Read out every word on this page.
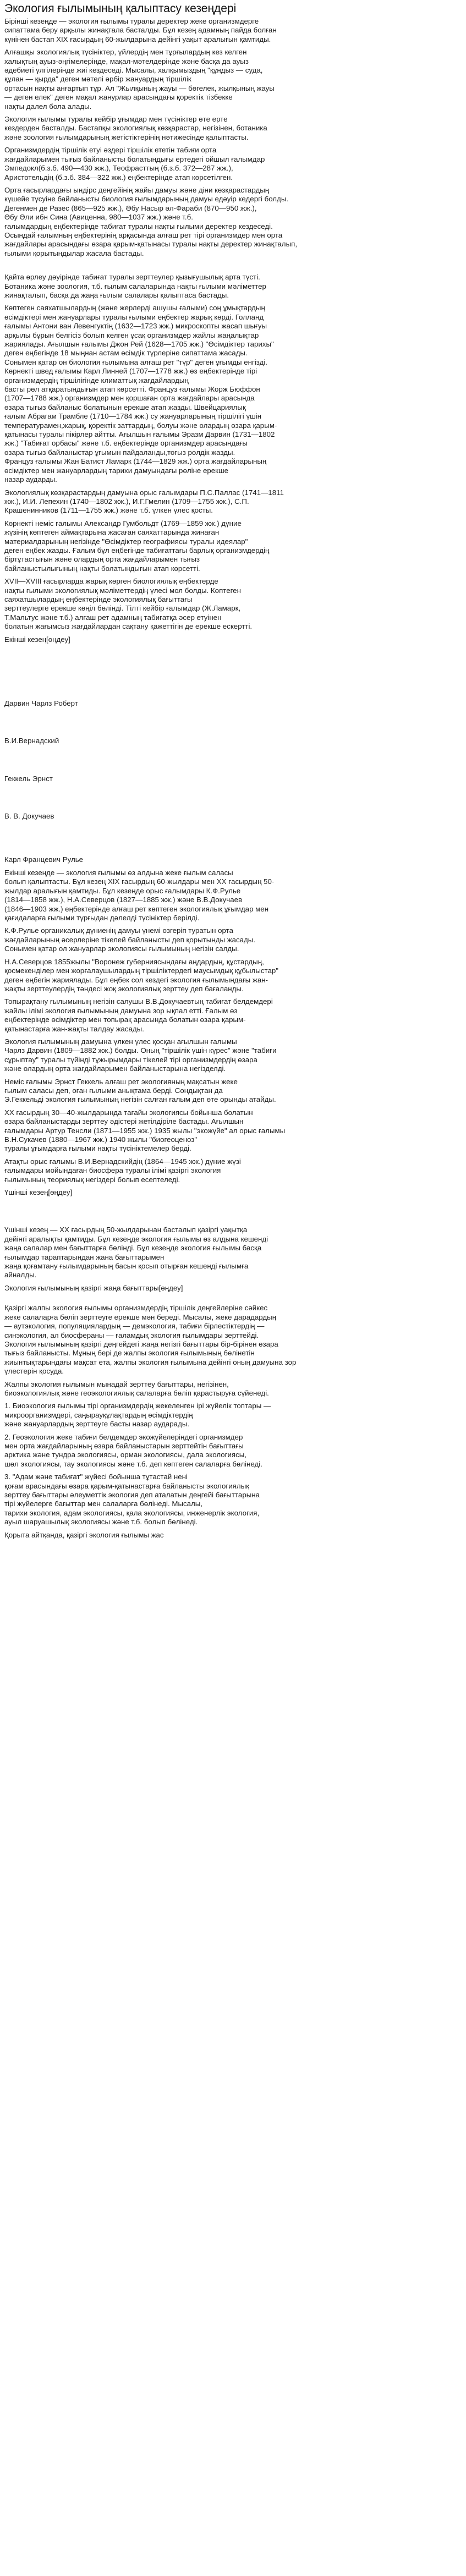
Экология ғылымының қалыптасу кезеңдері

Бірінші кезеңде — экология ғылымы туралы деректер жеке организмдерге
сипаттама беру арқылы жинақтала басталды. Бұл кезең адамның пайда болған
күнінен бастап XIX ғасырдың 60-жылдарына дейінгі уақыт аралығын қамтиды.

Алғашқы экологиялық түсініктер, үйлердің мен тұрғылардың кез келген
халықтың ауыз-әңгімелерінде, мақал-мәтелдерінде және басқа да ауыз
әдебиеті үлгілерінде жиі кездеседі. Мысалы, халқымыздың "құндыз — суда,
құлан — қырда" деген мәтелі әрбір жануардың тіршілік
ортасын нақты анғартып тұр. Ал "Жылқының жауы — бөгелек, жылқының жауы
— деген елек" деген мақал жанурлар арасындағы қоректік тізбекке
нақты далел бола алады.

Экология ғылымы туралы кейбір ұғымдар мен түсініктер өте ерте
кездерден басталды. Бастапқы экологиялық көзқарастар, негізінен, ботаника
және зоология ғылымдарының жетістіктерінің нәтижесінде қалыптасты.

Организмдердің тіршілік етуі әздері тіршілік ететін табиғи орта
жағдайларымен тығыз байланысты болатындығы ертедегі ойшыл ғалымдар
Эмпедокл(б.з.б. 490—430 жж.), Теофрасттың (б.з.б. 372—287 жж.),
Аристотельдің (б.з.б. 384—322 жж.) еңбектерінде атап көрсетілген.

Орта ғасырлардағы ындірс деңгейінің жайы дамуы және діни көзқарастардың
күшейе түсуіне байланысты биология ғылымдарының дамуы едәуір кедергі болды.
Дегенмен де Разес (865—925 жж.), Әбу Насыр әл-Фараби (870—950 жж.),
Әбу Әли ибн Сина (Авиценна, 980—1037 жж.) және т.б.
ғалымдардың еңбектерінде табиғат туралы нақты ғылыми деректер кездеседі.
Осындай ғалымның еңбектерінің арқасында алғаш рет тірі организмдер мен орта
жағдайлары арасындағы өзара қарым-қатынасы туралы нақты деректер жинақталып,
ғылыми қорытындылар жасала бастады.

Қайта өрлеу дәуірінде табиғат туралы зерттеулер қызығушылық арта түсті.
Ботаника және зоология, т.б. ғылым салаларында нақты ғылыми мәліметтер
жинақталып, басқа да жаңа ғылым салалары қалыптаса бастады.

Көптеген саяхатшылардың (және жерлерді ашушы ғалыми) соң ұмықтардың
өсімдіктері мен жануарлары туралы ғылыми еңбектер жарық көрді. Голланд
ғалымы Антони ван Левенгуктің (1632—1723 жж.) микроскопты жасап шығуы
арқылы бұрын белгісіз болып келген ұсақ организмдер жайлы жаңалықтар
жариялады. Ағылшын ғалымы Джон Рей (1628—1705 жж.) "Өсімдіктер тарихы"
деген еңбегінде 18 мыңнан астам өсімдік түрлеріне сипаттама жасады.
Сонымен қатар он биология ғылымына алғаш рет "түр" деген ұғымды енгізді.
Көрнекті швед ғалымы Карл Линней (1707—1778 жж.) өз еңбектерінде тірі
организмдердің тіршілігінде климаттық жағдайлардың
басты рөл атқаратындығын атап көрсетті. Француз ғалымы Жорж Бюффон
(1707—1788 жж.) организмдер мен қоршаған орта жағдайлары арасында
өзара тығыз байланыс болатынын ерекше атап жазды. Швейцариялық
ғалым Абрагам Трамбле (1710—1784 жж.) су жануарларының тіршілігі үшін
температурамен,жарық, қоректік заттардың, болуы және олардың өзара қарым-
қатынасы туралы пікірлер айтты. Ағылшын ғалымы Эразм Дарвин (1731—1802
жж.) "Табиғат орбасы" және т.б. еңбектерінде организмдер арасындағы
өзара тығыз байланыстар ұғымын пайдаланды,тоғыз рөлдік жазды.
Француз ғалымы Жан Батист Ламарк (1744—1829 жж.) орта жағдайларының
өсімдіктер мен жануарлардың тарихи дамуындағы рөліне ерекше
назар аударды.

Экологиялық көзқарастардың дамуына орыс ғалымдары П.С.Паллас (1741—1811
жж.), И.И. Лепехин (1740—1802 жж.), И.Г.Гмелин (1709—1755 жж.), С.П.
Крашенинников (1711—1755 жж.) және т.б. үлкен үлес қосты.

Көрнекті неміс ғалымы Александр Гумбольдт (1769—1859 жж.) дүние
жүзінің көптеген аймақтарына жасаған саяхаттарында жинаған
материалдарының негізінде "Өсімдіктер географиясы туралы идеялар"
деген еңбек жазды. Ғалым бұл еңбегінде табиғаттағы барлық организмдердің
біртұтастығын және олардың орта жағдайларымен тығыз
байланыстылығының нақты болатындығын атап көрсетті.

XVII—XVIII ғасырларда жарық көрген биологиялық еңбектерде
нақты ғылыми экологиялық мәліметтердің үлесі мол болды. Көптеген
саяхатшылардың еңбектерінде экологиялық бағыттағы
зерттеулерге ерекше көңіл бөлінді. Тілті кейбір ғалымдар (Ж.Ламарк,
Т.Мальтус және т.б.) алғаш рет адамның табиғатқа әсер етуінен
болатын жағымсыз жағдайлардан сақтану қажеттігін де ерекше ескертті.

Екінші кезең[өңдеу]

Дарвин Чарлз Роберт

В.И.Вернадский

Геккель Эрнст

В. В. Докучаев

Карл Францевич Рулье

Екінші кезеңде — экология ғылымы өз алдына жеке ғылым саласы
болып қалыптасты. Бұл кезең XIX ғасырдың 60-жылдары мен XX ғасырдың 50-
жылдар аралығын қамтиды. Бұл кезеңде орыс ғалымдары К.Ф.Рулье
(1814—1858 жж.), Н.А.Северцов (1827—1885 жж.) және В.В.Докучаев
(1846—1903 жж.) еңбектерінде алғаш рет көптеген экологиялық ұғымдар мен
қағидаларға ғылыми түрғыдан дәлелді түсініктер берілді.

К.Ф.Рулье органикалық дүниенің дамуы үнемі өзгеріп туратын орта
жағдайларының әсерлеріне тікелей байланысты деп қорытынды жасады.
Сонымен қатар ол жануарлар экологиясы ғылымының негізін салды.

Н.А.Северцов 1855жылы "Воронеж губерниясындағы аңдардың, құстардың,
қосмекенділер мен жорғалаушылардың тіршіліктердегі маусымдық құбылыстар"
деген еңбегін жариялады. Бұл еңбек сол кездегі экология ғылымындағы жан-
жақты зерттеулердің тәндесі жоқ экологиялық зерттеу деп бағаланды.

Топырақтану ғылымының негізін салушы В.В.Докучаевтың табиғат белдемдері
жайлы ілімі экология ғылымының дамуына зор ықпал етті. Ғалым өз
еңбектерінде өсімдіктер мен топырақ арасында болатын өзара қарым-
қатынастарға жан-жақты талдау жасады.

Экология ғылымының дамуына үлкен үлес қосқан ағылшын ғалымы
Чарлз Дарвин (1809—1882 жж.) болды. Оның "тіршілік үшін күрес" және "табиғи
сұрыптау" туралы түйінді тұжырымдары тікелей тірі организмдердің өзара
және олардың орта жағдайларымен байланыстарына негізделді.

Неміс ғалымы Эрнст Геккель алғаш рет экологияның мақсатын жеке
ғылым саласы деп, оған ғылыми анықтама берді. Сондықтан да
Э.Геккельді экология ғылымының негізін салған ғалым деп өте орынды атайды.

XX ғасырдың 30—40-жылдарында тағайы экологиясы бойынша болатын
өзара байланыстарды зерттеу әдістері жетілдіріле бастады. Ағылшын
ғалымдары Артур Тенсли (1871—1955 жж.) 1935 жылы "экожүйе" ал орыс ғалымы
В.Н.Сукачев (1880—1967 жж.) 1940 жылы "биогеоценоз"
туралы ұғымдарға ғылыми нақты түсініктемелер берді.

Атақты орыс ғалымы В.И.Вернадскийдің (1864—1945 жж.) дүние жүзі
ғалымдары мойындаған биосфера туралы ілімі қазіргі экология
ғылымының теориялық негіздері болып есептеледі.

Үшінші кезең[өңдеу]

Үшінші кезең — XX ғасырдың 50-жылдарынан басталып қазіргі уақытқа
дейінгі аралықты қамтиды. Бұл кезеңде экология ғылымы өз алдына кешенді
жаңа салалар мен бағыттарға бөлінді. Бұл кезеңде экология ғылымы басқа
ғылымдар тараптарындан жана бағыттарымен
жаңа қоғамтану ғылымдарының басын қосып отырған кешенді ғылымға
айналды.

Экология ғылымының қазіргі жаңа бағыттары[өңдеу]

Қазіргі жалпы экология ғылымы организмдердің тіршілік деңгейлеріне сәйкес
жеке салаларға бөліп зерттеуге ерекше мән береді. Мысалы, жеке дарадардың
— аутэкология, популяциялардың — демэкология, табиғи бірлестіктердің —
синэкология, ал биосфераны — ғаламдық экология ғылымдары зерттейді.
Экология ғылымының қазіргі деңгейдегі жаңа негізгі бағыттары бір-бірінен өзара
тығыз байланысты. Мұның бері де жалпы экология ғылымының бөлінетін
жиынтықтарындағы мақсат ета, жалпы экология ғылымына дейінгі оның дамуына зор
үлестерін қосуда.

Жалпы экология ғылымын мынадай зерттеу бағыттары, негізінен,
биоэкологиялық және геоэкологиялық салаларға бөліп қарастыруға сүйенеді.

1. Биоэкология ғылымы тірі организмдердің жекеленген ірі жүйелік топтары —
микроорганизмдері, саңырауқұлақтардың өсімдіктердің
және жануарлардың зерттеуге басты назар аударады.

2. Геоэкология жеке табиғи белдемдер экожүйелеріндегі организмдер
мен орта жағдайларының өзара байланыстарын зерттейтін бағыттағы
арктика және тундра экологиясы, орман экологиясы, дала экологиясы,
шөл экологиясы, тау экологиясы және т.б. деп көптеген салаларға бөлінеді.

3. "Адам және табиғат" жүйесі бойынша тұтастай нені
қоғам арасындағы өзара қарым-қатынастарға байланысты экологиялық
зерттеу бағыттары әлеуметтік экология деп аталатын деңгейі бағыттарына
тірі жүйелерге бағыттар мен салаларға бөлінеді. Мысалы,
тарихи экология, адам экологиясы, қала экологиясы, инженерлік экология,
ауыл шаруашылық экологиясы және т.б. болып бөлінеді.

Қорыта айтқанда, қазіргі экология ғылымы жас
